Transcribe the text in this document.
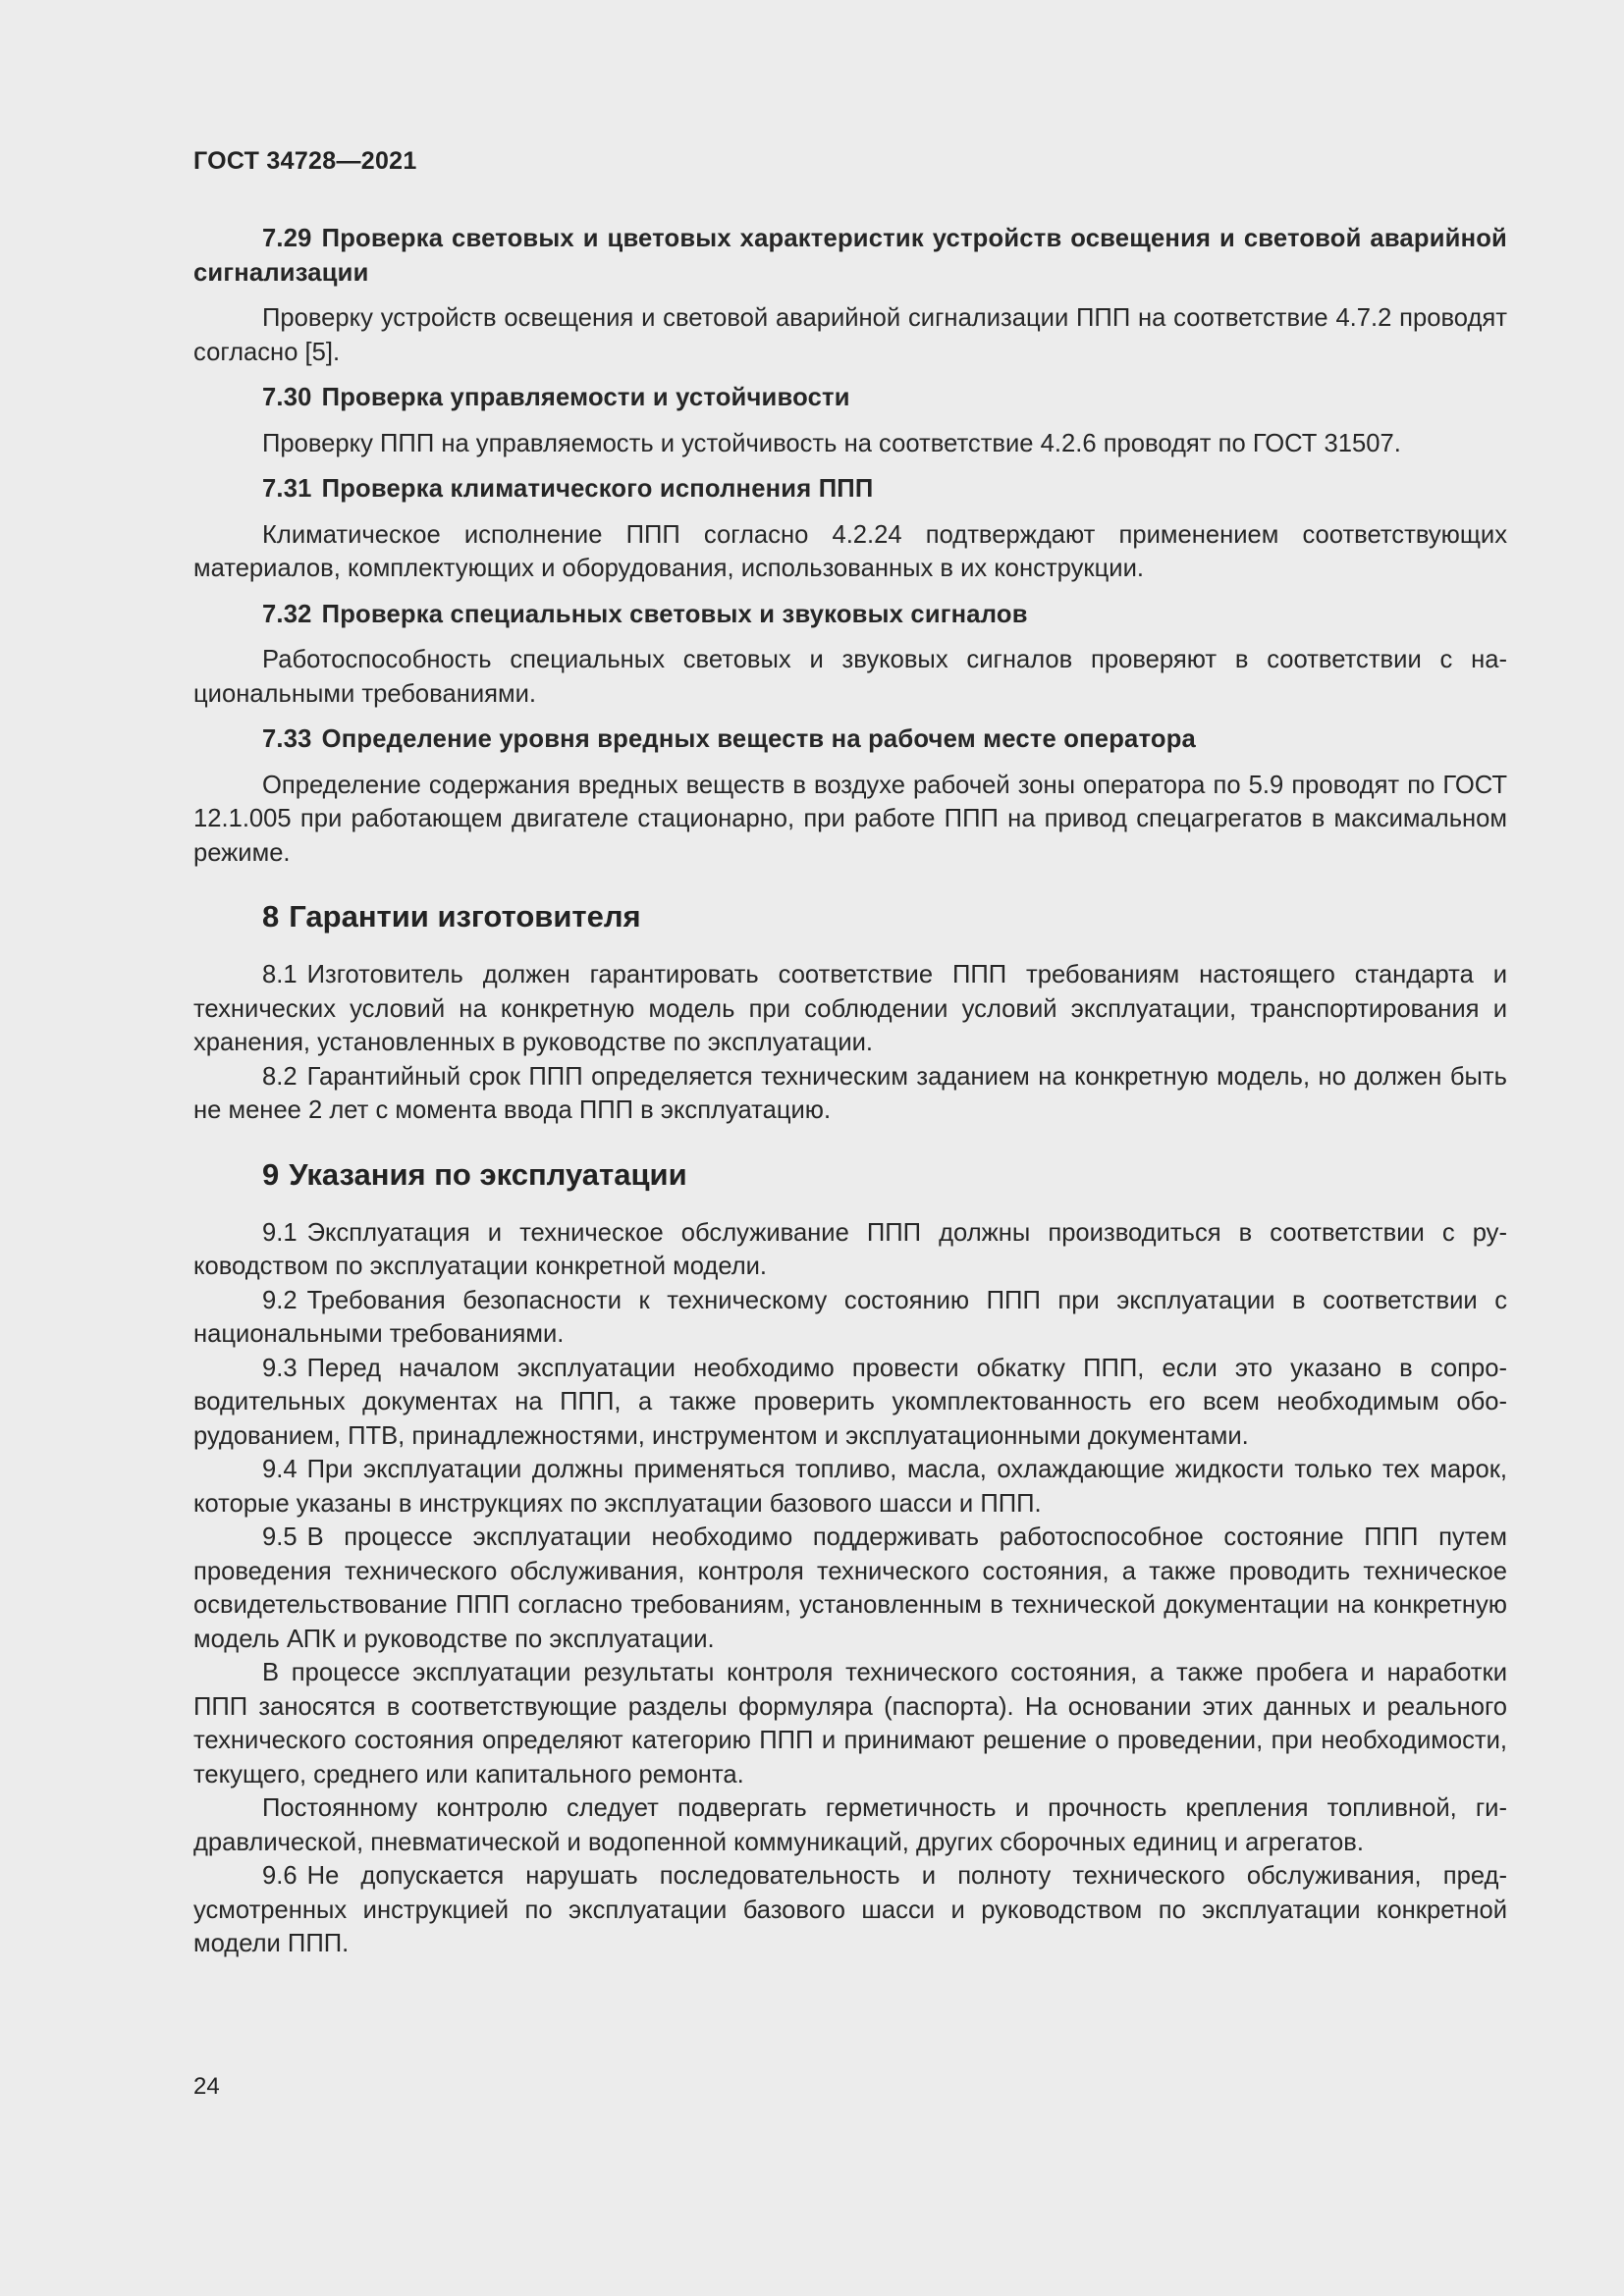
ГОСТ 34728—2021
7.29 Проверка световых и цветовых характеристик устройств освещения и световой аварийной сигнализации
Проверку устройств освещения и световой аварийной сигнализации ППП на соответствие 4.7.2 проводят согласно [5].
7.30 Проверка управляемости и устойчивости
Проверку ППП на управляемость и устойчивость на соответствие 4.2.6 проводят по ГОСТ 31507.
7.31 Проверка климатического исполнения ППП
Климатическое исполнение ППП согласно 4.2.24 подтверждают применением соответствующих материалов, комплектующих и оборудования, использованных в их конструкции.
7.32 Проверка специальных световых и звуковых сигналов
Работоспособность специальных световых и звуковых сигналов проверяют в соответствии с национальными требованиями.
7.33 Определение уровня вредных веществ на рабочем месте оператора
Определение содержания вредных веществ в воздухе рабочей зоны оператора по 5.9 проводят по ГОСТ 12.1.005 при работающем двигателе стационарно, при работе ППП на привод спецагрегатов в максимальном режиме.
8 Гарантии изготовителя
8.1 Изготовитель должен гарантировать соответствие ППП требованиям настоящего стандарта и технических условий на конкретную модель при соблюдении условий эксплуатации, транспортирования и хранения, установленных в руководстве по эксплуатации.
8.2 Гарантийный срок ППП определяется техническим заданием на конкретную модель, но должен быть не менее 2 лет с момента ввода ППП в эксплуатацию.
9 Указания по эксплуатации
9.1 Эксплуатация и техническое обслуживание ППП должны производиться в соответствии с руководством по эксплуатации конкретной модели.
9.2 Требования безопасности к техническому состоянию ППП при эксплуатации в соответствии с национальными требованиями.
9.3 Перед началом эксплуатации необходимо провести обкатку ППП, если это указано в сопроводительных документах на ППП, а также проверить укомплектованность его всем необходимым оборудованием, ПТВ, принадлежностями, инструментом и эксплуатационными документами.
9.4 При эксплуатации должны применяться топливо, масла, охлаждающие жидкости только тех марок, которые указаны в инструкциях по эксплуатации базового шасси и ППП.
9.5 В процессе эксплуатации необходимо поддерживать работоспособное состояние ППП путем проведения технического обслуживания, контроля технического состояния, а также проводить техническое освидетельствование ППП согласно требованиям, установленным в технической документации на конкретную модель АПК и руководстве по эксплуатации.
В процессе эксплуатации результаты контроля технического состояния, а также пробега и наработки ППП заносятся в соответствующие разделы формуляра (паспорта). На основании этих данных и реального технического состояния определяют категорию ППП и принимают решение о проведении, при необходимости, текущего, среднего или капитального ремонта.
Постоянному контролю следует подвергать герметичность и прочность крепления топливной, гидравлической, пневматической и водопенной коммуникаций, других сборочных единиц и агрегатов.
9.6 Не допускается нарушать последовательность и полноту технического обслуживания, предусмотренных инструкцией по эксплуатации базового шасси и руководством по эксплуатации конкретной модели ППП.
24
